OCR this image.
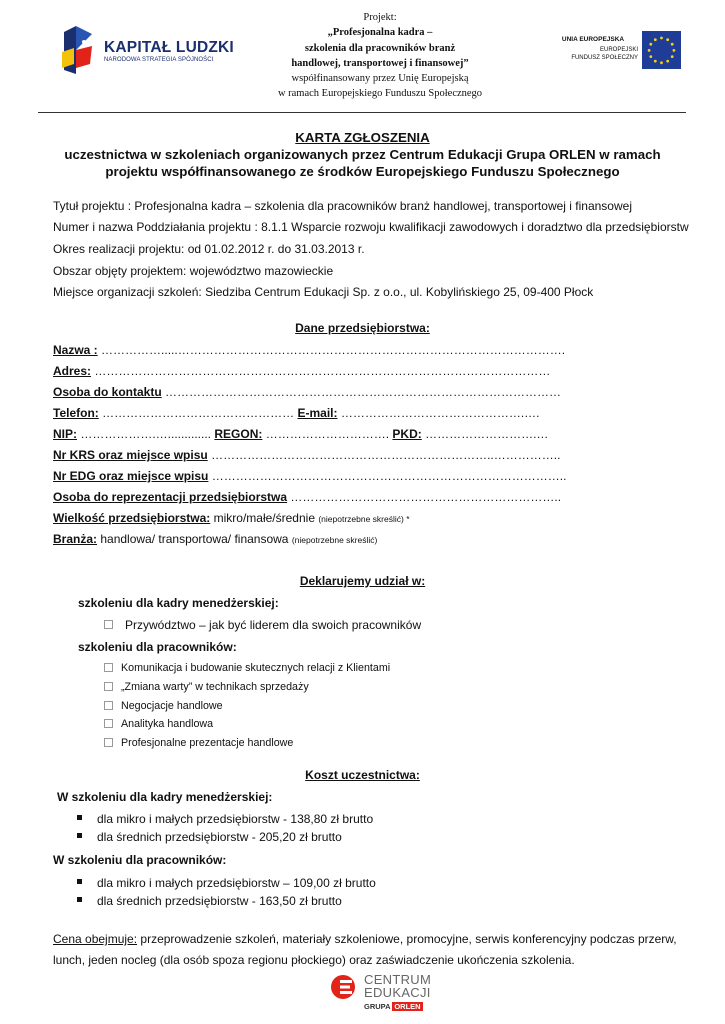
KAPITAŁ LUDZKI
NARODOWA STRATEGIA SPÓJNOŚCI
Projekt:
„Profesjonalna kadra –
szkolenia dla pracowników branż
handlowej, transportowej i finansowej”
współfinansowany przez Unię Europejską
w ramach Europejskiego Funduszu Społecznego
UNIA EUROPEJSKA
EUROPEJSKI
FUNDUSZ SPOŁECZNY
KARTA ZGŁOSZENIA
uczestnictwa w szkoleniach organizowanych przez Centrum Edukacji Grupa ORLEN w ramach
projektu współfinansowanego ze środków Europejskiego Funduszu Społecznego
Tytuł projektu : Profesjonalna kadra – szkolenia dla pracowników branż handlowej, transportowej i finansowej
Numer i nazwa Poddziałania projektu : 8.1.1 Wsparcie rozwoju kwalifikacji zawodowych i doradztwo dla przedsiębiorstw
Okres realizacji projektu: od 01.02.2012 r. do 31.03.2013 r.
Obszar objęty projektem: województwo mazowieckie
Miejsce organizacji szkoleń: Siedziba Centrum Edukacji Sp. z o.o., ul. Kobylińskiego 25, 09-400 Płock
Dane przedsiębiorstwa:
Nazwa : …………….....…………………………………………………………………………………….
Adres: ……………………………………………………………………………………………………
Osoba do kontaktu ………………………………………………………………………………………
Telefon: ………………………………………… E-mail: ……………………………………….….
NIP: ……………….…............. REGON: …………………………. PKD: ……………………….…
Nr KRS oraz miejsce wpisu ……………………………………………………………..……………..
Nr EDG oraz miejsce wpisu ……………………………………………………………………………..
Osoba do reprezentacji przedsiębiorstwa …………………………………………………………..
Wielkość przedsiębiorstwa: mikro/małe/średnie (niepotrzebne skreślić) *
Branża: handlowa/ transportowa/ finansowa (niepotrzebne skreślić)
Deklarujemy udział w:
szkoleniu dla kadry menedżerskiej:
Przywództwo – jak być liderem dla swoich pracowników
szkoleniu dla pracowników:
Komunikacja i budowanie skutecznych relacji z Klientami
„Zmiana warty” w technikach sprzedaży
Negocjacje handlowe
Analityka handlowa
Profesjonalne prezentacje handlowe
Koszt uczestnictwa:
W szkoleniu dla kadry menedżerskiej:
dla mikro i małych przedsiębiorstw - 138,80 zł brutto
dla średnich przedsiębiorstw - 205,20 zł brutto
W szkoleniu dla pracowników:
dla mikro i małych przedsiębiorstw – 109,00 zł brutto
dla średnich przedsiębiorstw - 163,50 zł brutto
Cena obejmuje: przeprowadzenie szkoleń, materiały szkoleniowe, promocyjne, serwis konferencyjny podczas przerw, lunch, jeden nocleg (dla osób spoza regionu płockiego) oraz zaświadczenie ukończenia szkolenia.
CENTRUM
EDUKACJI
GRUPA ORLEN
